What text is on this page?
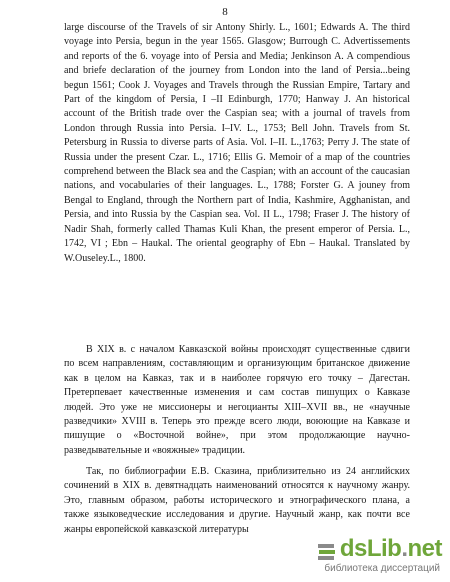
8
large discourse of the Travels of sir Antony Shirly. L., 1601; Edwards A. The third
voyage into Persia, begun in the year 1565. Glasgow; Burrough C. Advertissements
and reports of the 6. voyage into of Persia and Media; Jenkinson A. A compendious
and briefe declaration of the journey from London into the land of Persia...being
begun 1561; Cook J. Voyages and Travels through the Russian Empire, Tartary and
Part of the kingdom of Persia, I –II Edinburgh, 1770; Hanway J. An historical
account of the British trade over the Caspian sea; with a journal of travels from
London through Russia into Persia. I–IV. L., 1753; Bell John. Travels from St.
Petersburg in Russia to diverse parts of Asia. Vol. I–II. L.,1763; Perry J. The state of
Russia under the present Czar. L., 1716; Ellis G. Memoir of a map of the countries
comprehend between the Black sea and the Caspian; with an account of the caucasian
nations, and vocabularies of their languages. L., 1788; Forster G. A jоuney from
Bengal to England, through the Northern part of India, Kashmire, Agghanistan, and
Persia, and into Russia by the Caspian sea. Vol. II L., 1798; Fraser J. The history of
Nadir Shah, formerly called Thamas Kuli Khan, the present emperor of Persia. L.,
1742, VI ; Ebn – Haukal. The oriental geography of Ebn – Haukal. Translated by
W.Ouseley.L., 1800.
В XIX в. с началом Кавказской войны происходят существенные сдвиги
по всем направлениям, составляющим и организующим британское движение
как в целом на Кавказ, так и в наиболее горячую его точку – Дагестан.
Претерпевает качественные изменения и сам состав пишущих о Кавказе
людей. Это уже не миссионеры и негоцианты XIII–XVII вв., не «научные
разведчики» XVIII в. Теперь это прежде всего люди, воюющие на Кавказе и
пишущие о «Восточной войне», при этом продолжающие научно-
разведывательные и «вояжные» традиции.
Так, по библиографии Е.В. Сказина, приблизительно из 24 английских
сочинений в XIX в. девятнадцать наименований относятся к научному жанру.
Это, главным образом, работы исторического и этнографического плана, а
также языковедческие исследования и другие. Научный жанр, как почти все
жанры европейской кавказской литературы
dsLib.net
библиотека диссертаций
